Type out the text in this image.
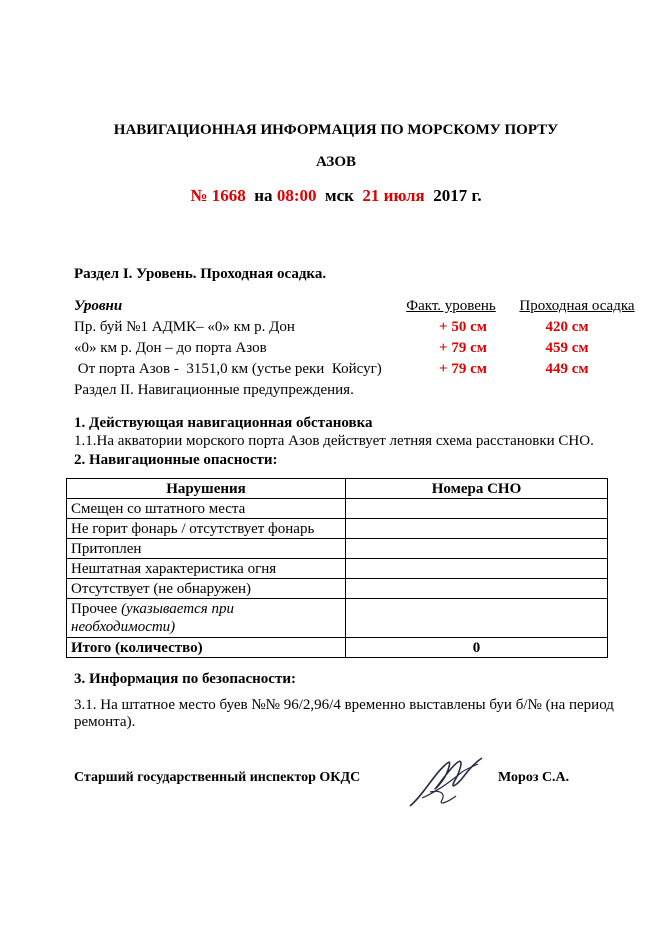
НАВИГАЦИОННАЯ ИНФОРМАЦИЯ ПО МОРСКОМУ ПОРТУ
АЗОВ
№ 1668 на 08:00 мск 21 июля 2017 г.
Раздел I. Уровень. Проходная осадка.
Уровни	Факт. уровень	Проходная осадка
Пр. буй №1 АДМК– «0» км р. Дон	+ 50 см	420 см
«0» км р. Дон – до порта Азов	+ 79 см	459 см
От порта Азов -  3151,0 км (устье реки  Койсуг)	+ 79 см	449 см
Раздел II. Навигационные предупреждения.
1. Действующая навигационная обстановка
1.1.На акватории морского порта Азов действует летняя схема расстановки СНО.
2. Навигационные опасности:
Нарушения	Номера СНО
Смещен со штатного места	
Не горит фонарь / отсутствует фонарь	
Притоплен	
Нештатная характеристика огня	
Отсутствует (не обнаружен)	
Прочее (указывается при необходимости)	
Итого (количество)	0
3. Информация по безопасности:
3.1. На штатное место буев №№ 96/2,96/4 временно выставлены буи б/№ (на период ремонта).
Старший государственный инспектор ОКДС	Мороз С.А.
